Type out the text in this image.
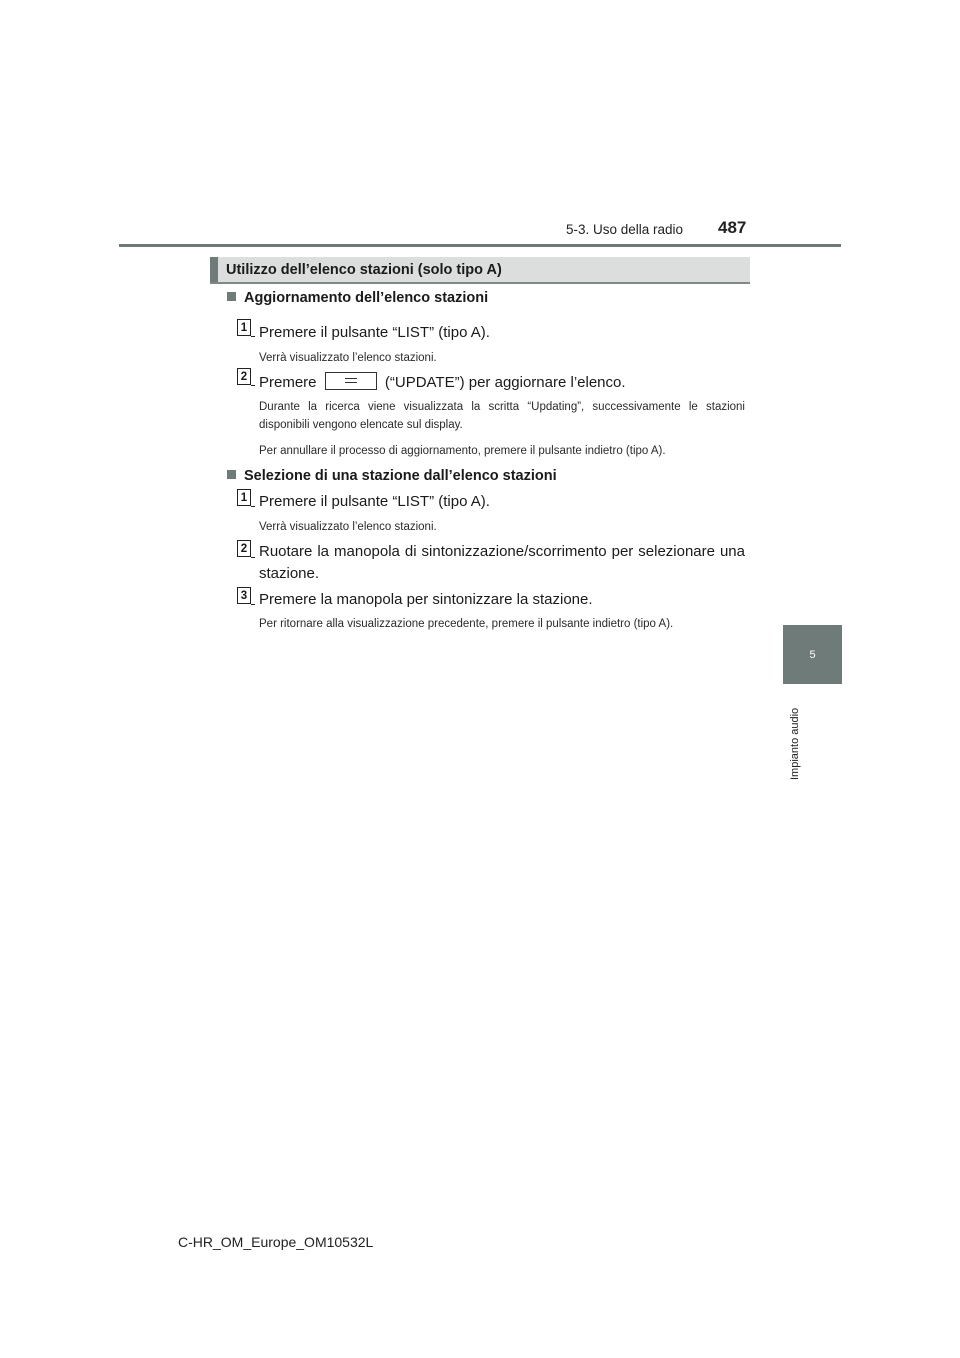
5-3. Uso della radio 487
5
Impianto audio
Utilizzo dell’elenco stazioni (solo tipo A)
Aggiornamento dell’elenco stazioni
1 Premere il pulsante “LIST” (tipo A).
Verrà visualizzato l’elenco stazioni.
2 Premere	(“UPDATE”) per aggiornare l’elenco.
Durante la ricerca viene visualizzata la scritta “Updating”, successivamente le stazioni disponibili vengono elencate sul display.
Per annullare il processo di aggiornamento, premere il pulsante indietro (tipo A).
Selezione di una stazione dall’elenco stazioni
1 Premere il pulsante “LIST” (tipo A).
Verrà visualizzato l’elenco stazioni.
2 Ruotare la manopola di sintonizzazione/scorrimento per selezionare una stazione.
3 Premere la manopola per sintonizzare la stazione.
Per ritornare alla visualizzazione precedente, premere il pulsante indietro (tipo A).
C-HR_OM_Europe_OM10532L
